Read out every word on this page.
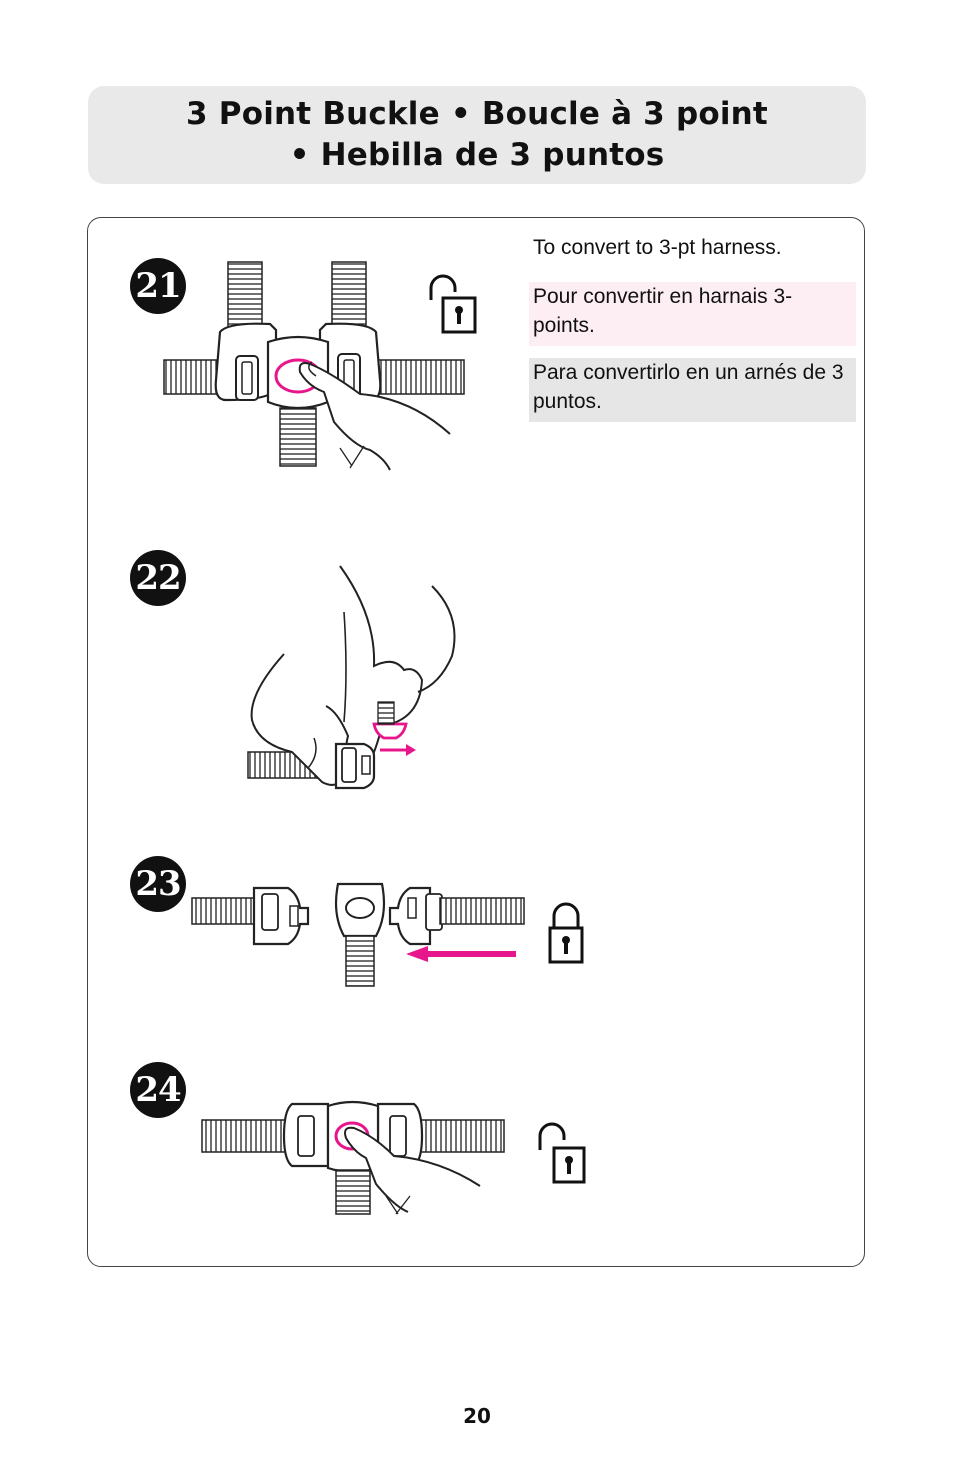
3 Point Buckle • Boucle à 3 point
• Hebilla de 3 puntos
21
22
23
24
To convert to 3-pt harness.
Pour convertir en harnais 3-points.
Para convertirlo en un arnés de 3 puntos.
20
